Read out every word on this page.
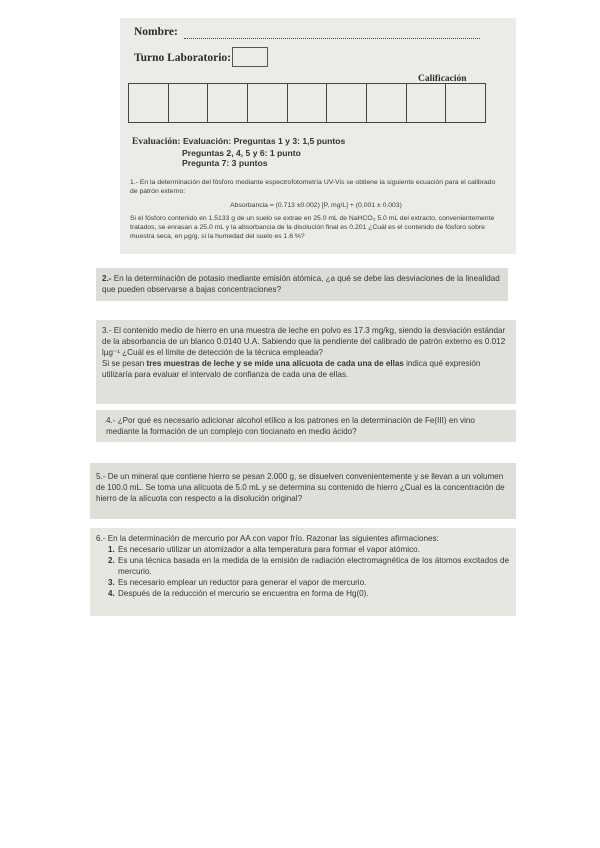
Nombre:
Turno Laboratorio:
Calificación
Evaluación: Evaluación: Preguntas 1 y 3: 1,5 puntos
Preguntas 2, 4, 5 y 6: 1 punto
Pregunta 7: 3 puntos
1.- En la determinación del fósforo mediante espectrofotometría UV-Vis se obtiene la siguiente ecuación para el calibrado de patrón externo:
Absorbancia = (0.713 ±0.002) [P, mg/L] + (0.001 ± 0.003)
Si el fósforo contenido en 1.5133 g de un suelo se extrae en 25.0 mL de NaHCO₃ 5.0 mL del extracto, convenientemente tratados, se enrasan a 25.0 mL y la absorbancia de la disolución final es 0.201 ¿Cuál es el contenido de fósforo sobre muestra seca, en µg/g, si la humedad del suelo es 1.6 %?
2.- En la determinación de potasio mediante emisión atómica, ¿a qué se debe las desviaciones de la linealidad que pueden observarse a bajas concentraciones?
3.- El contenido medio de hierro en una muestra de leche en polvo es 17.3 mg/kg, siendo la desviación estándar de la absorbancia de un blanco 0.0140 U.A. Sabiendo que la pendiente del calibrado de patrón externo es 0.012 lµg⁻¹ ¿Cuál es el límite de detección de la técnica empleada?
Si se pesan tres muestras de leche y se mide una alícuota de cada una de ellas indica qué expresión utilizaría para evaluar el intervalo de confianza de cada una de ellas.
4.- ¿Por qué es necesario adicionar alcohol etílico a los patrones en la determinación de Fe(III) en vino mediante la formación de un complejo con tiocianato en medio ácido?
5.- De un mineral que contiene hierro se pesan 2.000 g, se disuelven convenientemente y se llevan a un volumen de 100.0 mL. Se toma una alícuota de 5.0 mL y se determina su contenido de hierro ¿Cual es la concentración de hierro de la alícuota con respecto a la disolución original?
6.- En la determinación de mercurio por AA con vapor frío. Razonar las siguientes afirmaciones:
1. Es necesario utilizar un atomizador a alta temperatura para formar el vapor atómico.
2. Es una técnica basada en la medida de la emisión de radiación electromagnética de los átomos excitados de mercurio.
3. Es necesario emplear un reductor para generar el vapor de mercurio.
4. Después de la reducción el mercurio se encuentra en forma de Hg(0).
